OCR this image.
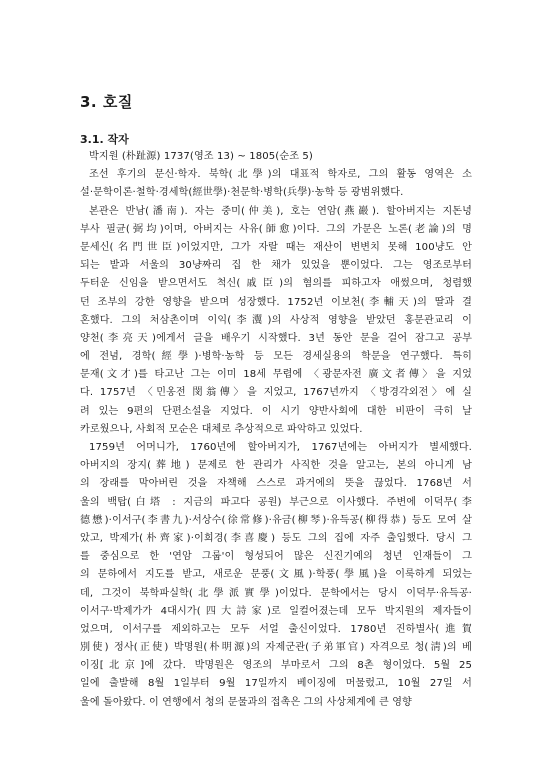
3. 호질
3.1. 작자
박지원 (朴趾源) 1737(영조 13) ~ 1805(순조 5)
조선 후기의 문신·학자. 북학(北學)의 대표적 학자로, 그의 활동 영역은 소
설·문학이론·철학·경세학(經世學)·천문학·병학(兵學)·농학 등 광범위했다.
본관은 반남(潘南). 자는 중미(仲美), 호는 연암(燕巖). 할아버지는 지돈녕
부사 필균(弼均)이며, 아버지는 사유(師愈)이다. 그의 가문은 노론(老論)의 명
문세신(名門世臣)이었지만, 그가 자랄 때는 재산이 변변치 못해 100냥도 안
되는 밭과 서울의 30냥짜리 집 한 채가 있었을 뿐이었다. 그는 영조로부터
두터운 신임을 받으면서도 척신(戚臣)의 혐의를 피하고자 애썼으며, 청렴했
던 조부의 강한 영향을 받으며 성장했다. 1752년 이보천(李輔天)의 딸과 결
혼했다. 그의 처삼촌이며 이익(李瀷)의 사상적 영향을 받았던 홍문관교리 이
양천(李亮天)에게서 글을 배우기 시작했다. 3년 동안 문을 걸어 잠그고 공부
에 전념, 경학(經學)·병학·농학 등 모든 경세실용의 학문을 연구했다. 특히
문재(文才)를 타고난 그는 이미 18세 무렵에 〈광문자전 廣文者傳〉을 지었
다. 1757년 〈민옹전 閔翁傳〉을 지었고, 1767년까지 〈방경각외전〉에 실
려 있는 9편의 단편소설을 지었다. 이 시기 양반사회에 대한 비판이 극히 날
카로웠으나, 사회적 모순은 대체로 추상적으로 파악하고 있었다.
1759년 어머니가, 1760년에 할아버지가, 1767년에는 아버지가 별세했다.
아버지의 장지(葬地) 문제로 한 관리가 사직한 것을 알고는, 본의 아니게 남
의 장래를 막아버린 것을 자책해 스스로 과거에의 뜻을 끊었다. 1768년 서
울의 백탑(白塔 : 지금의 파고다 공원) 부근으로 이사했다. 주변에 이덕무(李
德懋)·이서구(李書九)·서상수(徐常修)·유금(柳琴)·유득공(柳得恭) 등도 모여 살
았고, 박제가(朴齊家)·이희경(李喜慶) 등도 그의 집에 자주 출입했다. 당시 그
를 중심으로 한 '연암 그룹'이 형성되어 많은 신진기예의 청년 인재들이 그
의 문하에서 지도를 받고, 새로운 문풍(文風)·학풍(學風)을 이룩하게 되었는
데, 그것이 북학파실학(北學派實學)이었다. 문학에서는 당시 이덕무·유득공·
이서구·박제가가 4대시가(四大詩家)로 일컬어졌는데 모두 박지원의 제자들이
었으며, 이서구를 제외하고는 모두 서얼 출신이었다. 1780년 진하별사(進賀
別使) 정사(正使) 박명원(朴明源)의 자제군관(子弟軍官) 자격으로 청(淸)의 베
이징[北京]에 갔다. 박명원은 영조의 부마로서 그의 8촌 형이었다. 5월 25
일에 출발해 8월 1일부터 9월 17일까지 베이징에 머물렀고, 10월 27일 서
울에 돌아왔다. 이 연행에서 청의 문물과의 접촉은 그의 사상체계에 큰 영향
